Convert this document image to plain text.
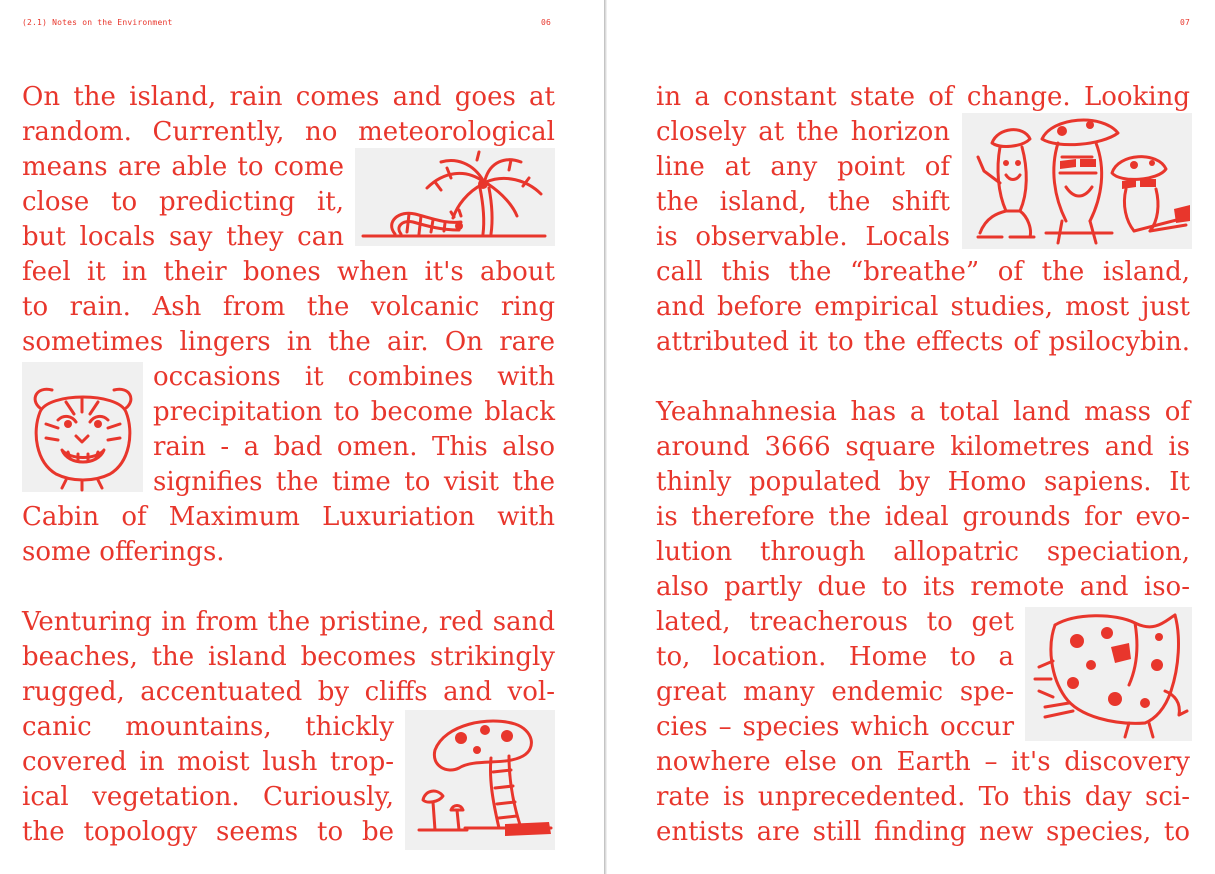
(2.1) Notes on the Environment	06
On the island, rain comes and goes at
random. Currently, no meteorological
means are able to come
close to predicting it,
but locals say they can
feel it in their bones when it's about
to rain. Ash from the volcanic ring
sometimes lingers in the air. On rare
occasions it combines with
precipitation to become black
rain - a bad omen. This also
signifies the time to visit the
Cabin of Maximum Luxuriation with
some offerings.
Venturing in from the pristine, red sand
beaches, the island becomes strikingly
rugged, accentuated by cliffs and vol-
canic mountains, thickly
covered in moist lush trop-
ical vegetation. Curiously,
the topology seems to be
07
in a constant state of change. Looking
closely at the horizon
line at any point of
the island, the shift
is observable. Locals
call this the “breathe” of the island,
and before empirical studies, most just
attributed it to the effects of psilocybin.
Yeahnahnesia has a total land mass of
around 3666 square kilometres and is
thinly populated by Homo sapiens. It
is therefore the ideal grounds for evo-
lution through allopatric speciation,
also partly due to its remote and iso-
lated, treacherous to get
to, location. Home to a
great many endemic spe-
cies – species which occur
nowhere else on Earth – it's discovery
rate is unprecedented. To this day sci-
entists are still finding new species, to
